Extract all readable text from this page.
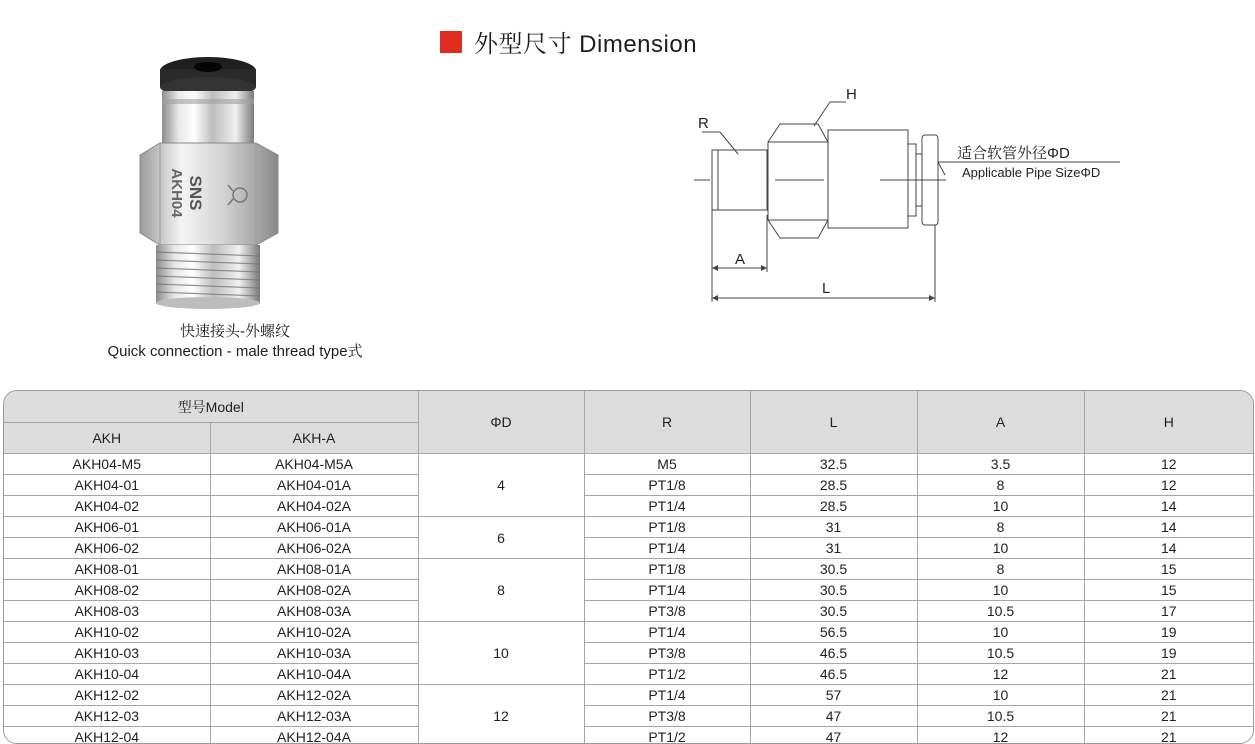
外型尺寸 Dimension
SNS
AKH04
快速接头-外螺纹
Quick connection - male thread type式
R
H
A
L
适合软管外径ΦD
Applicable Pipe SizeΦD
型号Model		ΦD	R	L	A	H
AKH	AKH-A					
AKH04-M5	AKH04-M5A	4	M5	32.5	3.5	12
AKH04-01	AKH04-01A		PT1/8	28.5	8	12
AKH04-02	AKH04-02A		PT1/4	28.5	10	14
AKH06-01	AKH06-01A	6	PT1/8	31	8	14
AKH06-02	AKH06-02A		PT1/4	31	10	14
AKH08-01	AKH08-01A	8	PT1/8	30.5	8	15
AKH08-02	AKH08-02A		PT1/4	30.5	10	15
AKH08-03	AKH08-03A		PT3/8	30.5	10.5	17
AKH10-02	AKH10-02A	10	PT1/4	56.5	10	19
AKH10-03	AKH10-03A		PT3/8	46.5	10.5	19
AKH10-04	AKH10-04A		PT1/2	46.5	12	21
AKH12-02	AKH12-02A	12	PT1/4	57	10	21
AKH12-03	AKH12-03A		PT3/8	47	10.5	21
AKH12-04	AKH12-04A		PT1/2	47	12	21
